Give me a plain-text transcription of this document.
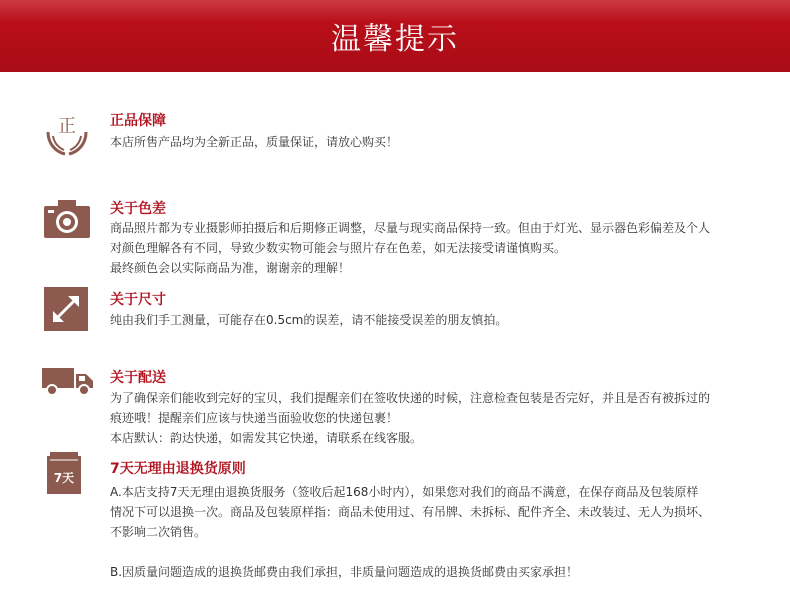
温馨提示
正 正品保障

本店所售产品均为全新正品，质量保证，请放心购买！

关于色差

商品照片都为专业摄影师拍摄后和后期修正调整，尽量与现实商品保持一致。但由于灯光、显示器色彩偏差及个人

对颜色理解各有不同，导致少数实物可能会与照片存在色差，如无法接受请谨慎购买。

最终颜色会以实际商品为准，谢谢亲的理解！

关于尺寸

纯由我们手工测量，可能存在0.5cm的误差，请不能接受误差的朋友慎拍。

关于配送

为了确保亲们能收到完好的宝贝，我们提醒亲们在签收快递的时候，注意检查包装是否完好，并且是否有被拆过的

痕迹哦！提醒亲们应该与快递当面验收您的快递包裹！

本店默认：韵达快递，如需发其它快递，请联系在线客服。

7天
7天无理由退换货原则

A.本店支持7天无理由退换货服务（签收后起168小时内），如果您对我们的商品不满意，在保存商品及包装原样

情况下可以退换一次。商品及包装原样指：商品未使用过、有吊牌、未拆标、配件齐全、未改装过、无人为损坏、

不影响二次销售。

B.因质量问题造成的退换货邮费由我们承担，非质量问题造成的退换货邮费由买家承担！
